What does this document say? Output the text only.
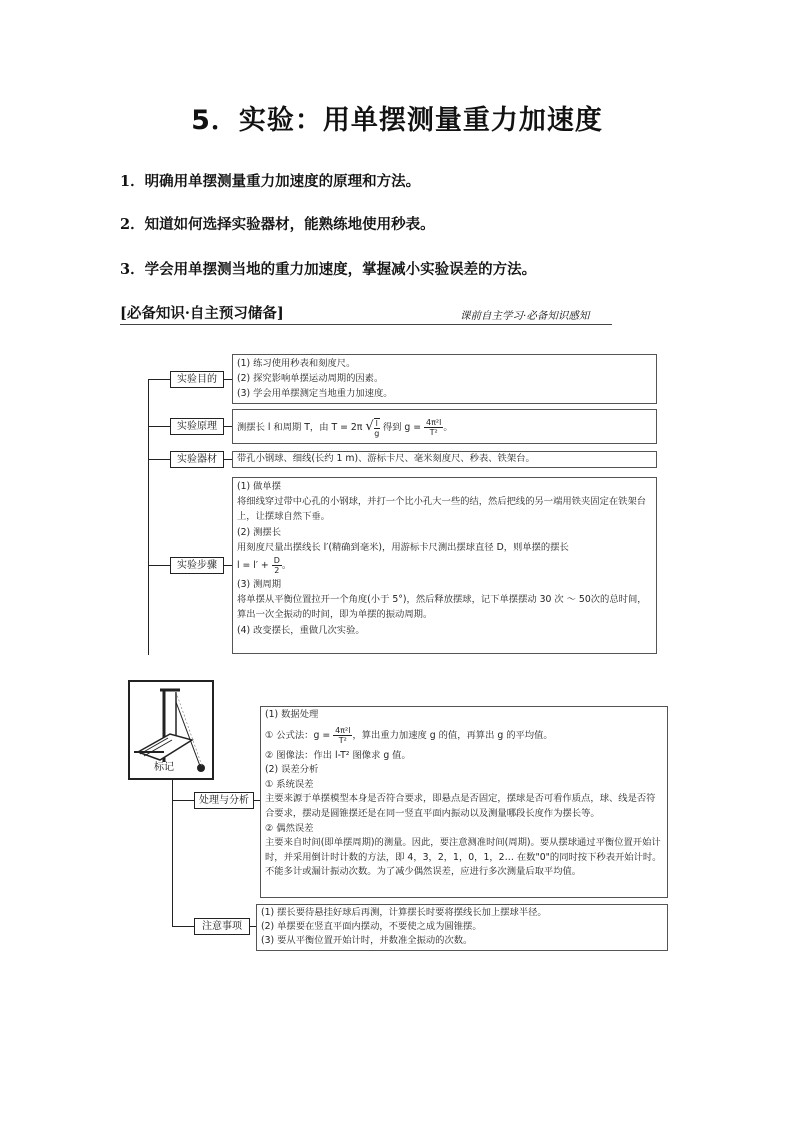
5．实验：用单摆测量重力加速度
1．明确用单摆测量重力加速度的原理和方法。
2．知道如何选择实验器材，能熟练地使用秒表。
3．学会用单摆测当地的重力加速度，掌握减小实验误差的方法。
[必备知识·自主预习储备]	课前自主学习·必备知识感知
实验目的
实验原理
实验器材
实验步骤
(1) 练习使用秒表和刻度尺。
(2) 探究影响单摆运动周期的因素。
(3) 学会用单摆测定当地重力加速度。
测摆长 l 和周期 T，由 T = 2π √ $\frac{l}{g}$ 得到 $g = \frac{\text{4π²l}}{\text{T²}}$ 。
带孔小钢球、细线(长约 1 m)、游标卡尺、毫米刻度尺、秒表、铁架台。
(1) 做单摆
将细线穿过带中心孔的小钢球，并打一个比小孔大一些的结，然后把线的另一端用铁夹固定在铁架台上，让摆球自然下垂。
(2) 测摆长
用刻度尺量出摆线长 l′(精确到毫米)，用游标卡尺测出摆球直径 D，则单摆的摆长
$l = l' + \frac{D}{2}$ 。
(3) 测周期
将单摆从平衡位置拉开一个角度(小于 5°)，然后释放摆球，记下单摆摆动 30 次 ～ 50次的总时间，算出一次全振动的时间，即为单摆的振动周期。
(4) 改变摆长，重做几次实验。
标记
处理与分析
注意事项
(1) 数据处理
① 公式法：$g = \frac{\text{4π²l}}{\text{T²}}$ ，算出重力加速度 g 的值，再算出 g 的平均值。
② 图像法：作出 l-T² 图像求 g 值。
(2) 误差分析
① 系统误差
主要来源于单摆模型本身是否符合要求，即悬点是否固定，摆球是否可看作质点，球、线是否符合要求，摆动是圆锥摆还是在同一竖直平面内振动以及测量哪段长度作为摆长等。
② 偶然误差
主要来自时间(即单摆周期)的测量。因此，要注意测准时间(周期)。要从摆球通过平衡位置开始计时，并采用倒计时计数的方法，即 4，3，2，1，0，1，2… 在数"0"的同时按下秒表开始计时。不能多计或漏计振动次数。为了减少偶然误差，应进行多次测量后取平均值。
(1) 摆长要待悬挂好球后再测，计算摆长时要将摆线长加上摆球半径。
(2) 单摆要在竖直平面内摆动，不要使之成为圆锥摆。
(3) 要从平衡位置开始计时，并数准全振动的次数。
